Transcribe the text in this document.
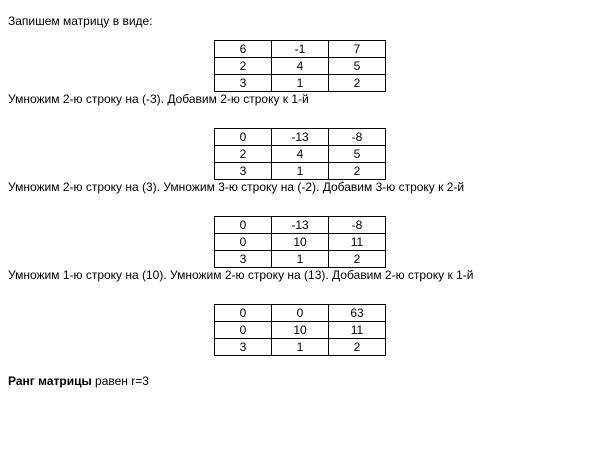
Запишем матрицу в виде:

6	-1	7
2	4	5
3	1	2

Умножим 2-ю строку на (-3). Добавим 2-ю строку к 1-й

0	-13	-8
2	4	5
3	1	2

Умножим 2-ю строку на (3). Умножим 3-ю строку на (-2). Добавим 3-ю строку к 2-й

0	-13	-8
0	10	11
3	1	2

Умножим 1-ю строку на (10). Умножим 2-ю строку на (13). Добавим 2-ю строку к 1-й

0	0	63
0	10	11
3	1	2

Ранг матрицы равен r=3
